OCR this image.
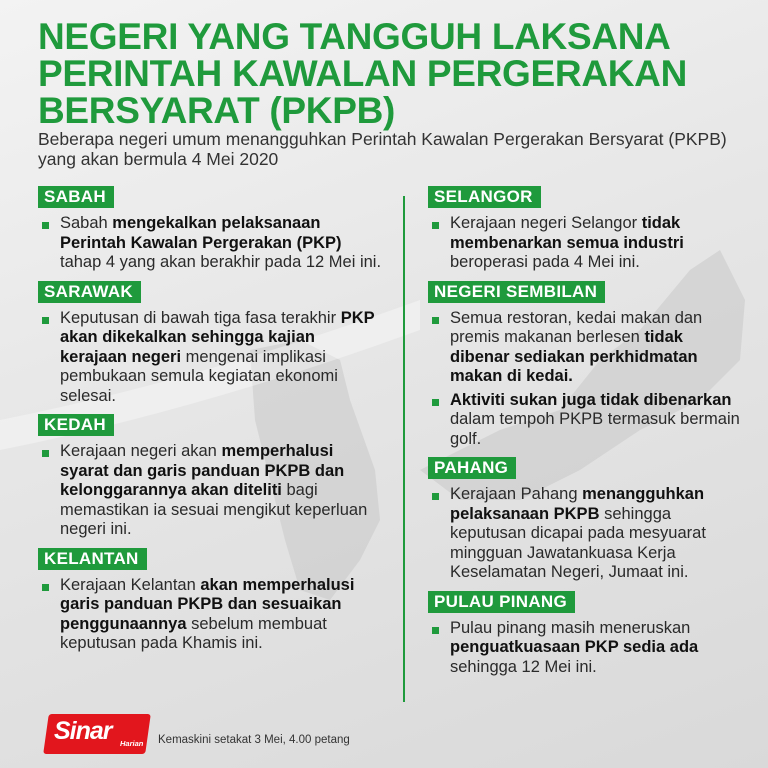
NEGERI YANG TANGGUH LAKSANA
PERINTAH KAWALAN PERGERAKAN
BERSYARAT (PKPB)
Beberapa negeri umum menangguhkan Perintah Kawalan Pergerakan Bersyarat (PKPB) yang akan bermula 4 Mei 2020
SABAH
Sabah mengekalkan pelaksanaan Perintah Kawalan Pergerakan (PKP) tahap 4 yang akan berakhir pada 12 Mei ini.
SARAWAK
Keputusan di bawah tiga fasa terakhir PKP akan dikekalkan sehingga kajian kerajaan negeri mengenai implikasi pembukaan semula kegiatan ekonomi selesai.
KEDAH
Kerajaan negeri akan memperhalusi syarat dan garis panduan PKPB dan kelonggarannya akan diteliti bagi memastikan ia sesuai mengikut keperluan negeri ini.
KELANTAN
Kerajaan Kelantan akan memperhalusi garis panduan PKPB dan sesuaikan penggunaannya sebelum membuat keputusan pada Khamis ini.
SELANGOR
Kerajaan negeri Selangor tidak membenarkan semua industri beroperasi pada 4 Mei ini.
NEGERI SEMBILAN
Semua restoran, kedai makan dan premis makanan berlesen tidak dibenar sediakan perkhidmatan makan di kedai.
Aktiviti sukan juga tidak dibenarkan dalam tempoh PKPB termasuk bermain golf.
PAHANG
Kerajaan Pahang menangguhkan pelaksanaan PKPB sehingga keputusan dicapai pada mesyuarat mingguan Jawatankuasa Kerja Keselamatan Negeri, Jumaat ini.
PULAU PINANG
Pulau pinang masih meneruskan penguatkuasaan PKP sedia ada sehingga 12 Mei ini.
Sinar Harian Kemaskini setakat 3 Mei, 4.00 petang
